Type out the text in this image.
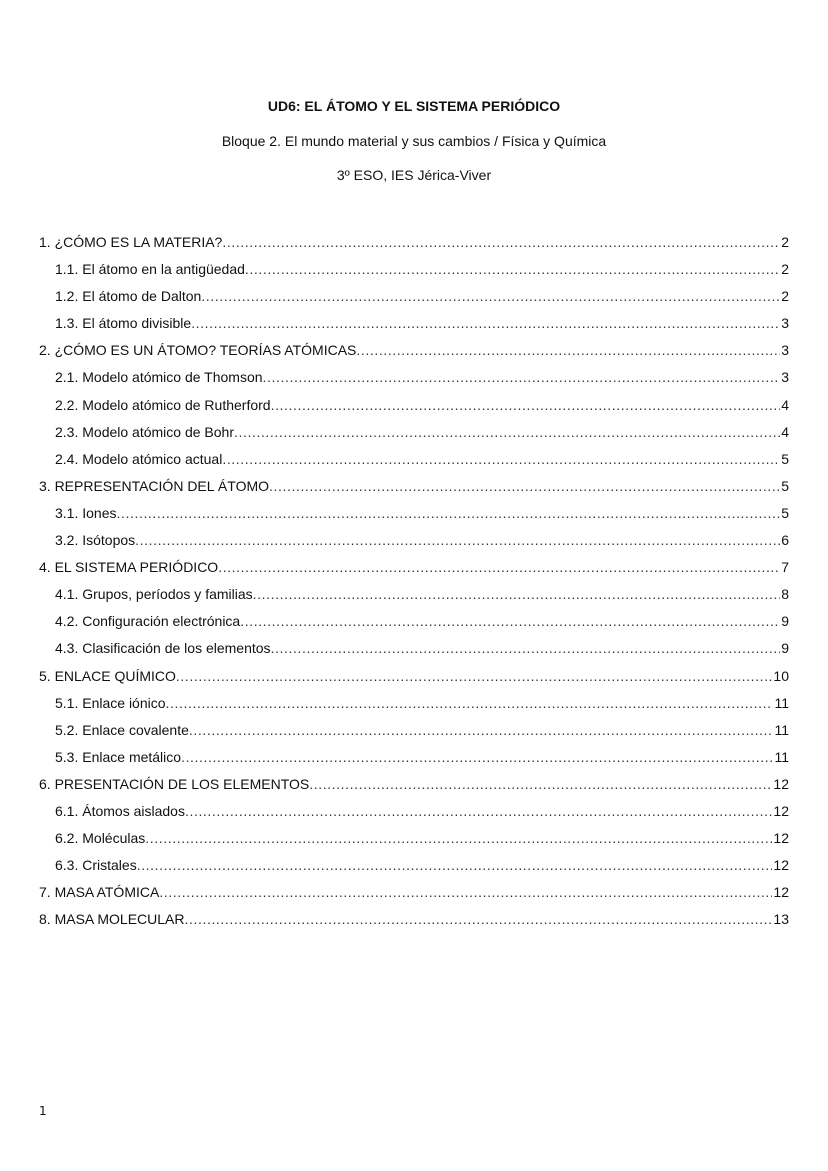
UD6: EL ÁTOMO Y EL SISTEMA PERIÓDICO
Bloque 2. El mundo material y sus cambios / Física y Química
3º ESO, IES Jérica-Viver
1. ¿CÓMO ES LA MATERIA? .....	2
1.1. El átomo en la antigüedad .....	2
1.2. El átomo de Dalton .....	2
1.3. El átomo divisible .....	3
2. ¿CÓMO ES UN ÁTOMO? TEORÍAS ATÓMICAS .....	3
2.1. Modelo atómico de Thomson .....	3
2.2. Modelo atómico de Rutherford .....	4
2.3. Modelo atómico de Bohr .....	4
2.4. Modelo atómico actual .....	5
3. REPRESENTACIÓN DEL ÁTOMO .....	5
3.1. Iones .....	5
3.2. Isótopos .....	6
4. EL SISTEMA PERIÓDICO .....	7
4.1. Grupos, períodos y familias .....	8
4.2. Configuración electrónica .....	9
4.3. Clasificación de los elementos .....	9
5. ENLACE QUÍMICO .....	10
5.1. Enlace iónico .....	11
5.2. Enlace covalente .....	11
5.3. Enlace metálico .....	11
6. PRESENTACIÓN DE LOS ELEMENTOS .....	12
6.1. Átomos aislados .....	12
6.2. Moléculas .....	12
6.3. Cristales .....	12
7. MASA ATÓMICA .....	12
8. MASA MOLECULAR .....	13
1
